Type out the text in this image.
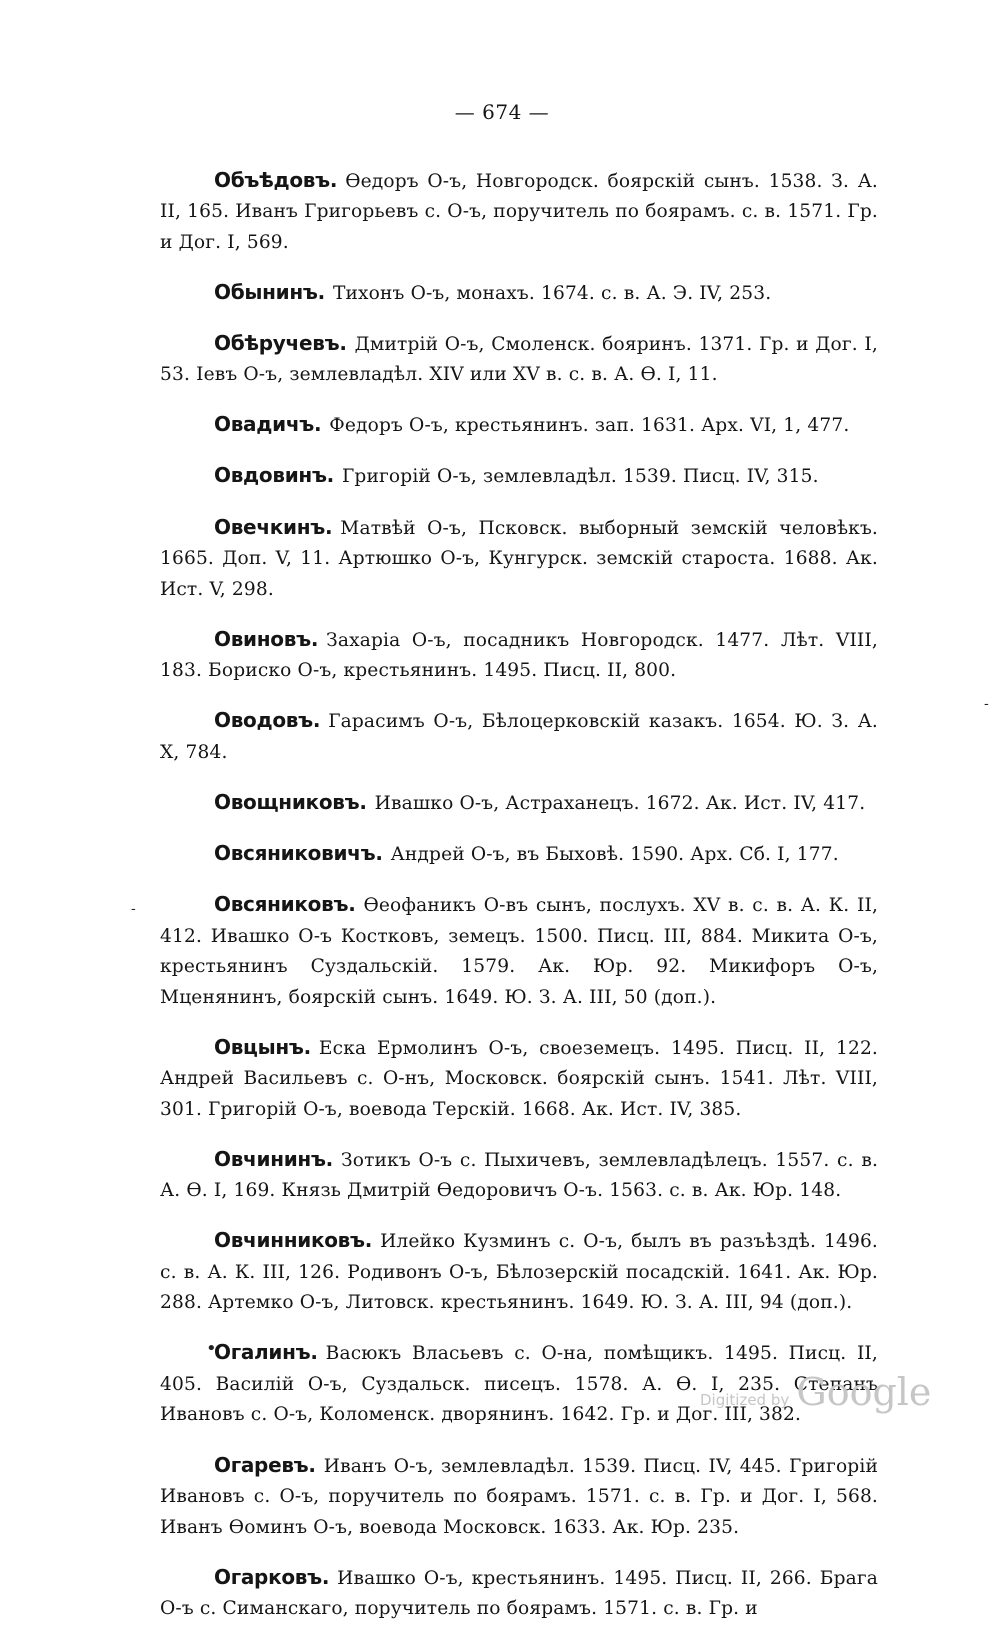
— 674 —

Объѣдовъ. Ѳедоръ О-ъ, Новгородск. боярскій сынъ. 1538. З. А. II, 165. Иванъ Григорьевъ с. О-ъ, поручитель по боярамъ. с. в. 1571. Гр. и Дог. I, 569.

Обынинъ. Тихонъ О-ъ, монахъ. 1674. с. в. А. Э. IV, 253.

Обѣручевъ. Дмитрій О-ъ, Смоленск. бояринъ. 1371. Гр. и Дог. I, 53. Іевъ О-ъ, землевладѣл. XIV или XV в. с. в. А. Ѳ. I, 11.

Овадичъ. Федоръ О-ъ, крестьянинъ. зап. 1631. Арх. VI, 1, 477.

Овдовинъ. Григорій О-ъ, землевладѣл. 1539. Писц. IV, 315.

Овечкинъ. Матвѣй О-ъ, Псковск. выборный земскій человѣкъ. 1665. Доп. V, 11. Артюшко О-ъ, Кунгурск. земскій староста. 1688. Ак. Ист. V, 298.

Овиновъ. Захаріа О-ъ, посадникъ Новгородск. 1477. Лѣт. VIII, 183. Бориско О-ъ, крестьянинъ. 1495. Писц. II, 800.

Оводовъ. Гарасимъ О-ъ, Бѣлоцерковскій казакъ. 1654. Ю. З. А. X, 784.

Овощниковъ. Ивашко О-ъ, Астраханецъ. 1672. Ак. Ист. IV, 417.

Овсяниковичъ. Андрей О-ъ, въ Быховѣ. 1590. Арх. Сб. I, 177.

Овсяниковъ. Ѳеофаникъ О-въ сынъ, послухъ. XV в. с. в. А. К. II, 412. Ивашко О-ъ Костковъ, земецъ. 1500. Писц. III, 884. Микита О-ъ, крестьянинъ Суздальскій. 1579. Ак. Юр. 92. Микифоръ О-ъ, Мценянинъ, боярскій сынъ. 1649. Ю. З. А. III, 50 (доп.).

Овцынъ. Еска Ермолинъ О-ъ, своеземецъ. 1495. Писц. II, 122. Андрей Васильевъ с. О-нъ, Московск. боярскій сынъ. 1541. Лѣт. VIII, 301. Григорій О-ъ, воевода Терскій. 1668. Ак. Ист. IV, 385.

Овчининъ. Зотикъ О-ъ с. Пыхичевъ, землевладѣлецъ. 1557. с. в. А. Ѳ. I, 169. Князь Дмитрій Ѳедоровичъ О-ъ. 1563. с. в. Ак. Юр. 148.

Овчинниковъ. Илейко Кузминъ с. О-ъ, былъ въ разъѣздѣ. 1496. с. в. А. К. III, 126. Родивонъ О-ъ, Бѣлозерскій посадскій. 1641. Ак. Юр. 288. Артемко О-ъ, Литовск. крестьянинъ. 1649. Ю. З. А. III, 94 (доп.).

Огалинъ. Васюкъ Власьевъ с. О-на, помѣщикъ. 1495. Писц. II, 405. Василій О-ъ, Суздальск. писецъ. 1578. А. Ѳ. I, 235. Степанъ Ивановъ с. О-ъ, Коломенск. дворянинъ. 1642. Гр. и Дог. III, 382.

Огаревъ. Иванъ О-ъ, землевладѣл. 1539. Писц. IV, 445. Григорій Ивановъ с. О-ъ, поручитель по боярамъ. 1571. с. в. Гр. и Дог. I, 568. Иванъ Ѳоминъ О-ъ, воевода Московск. 1633. Ак. Юр. 235.

Огарковъ. Ивашко О-ъ, крестьянинъ. 1495. Писц. II, 266. Брага О-ъ с. Симанскаго, поручитель по боярамъ. 1571. с. в. Гр. и

-
-
•
Digitized by Google
